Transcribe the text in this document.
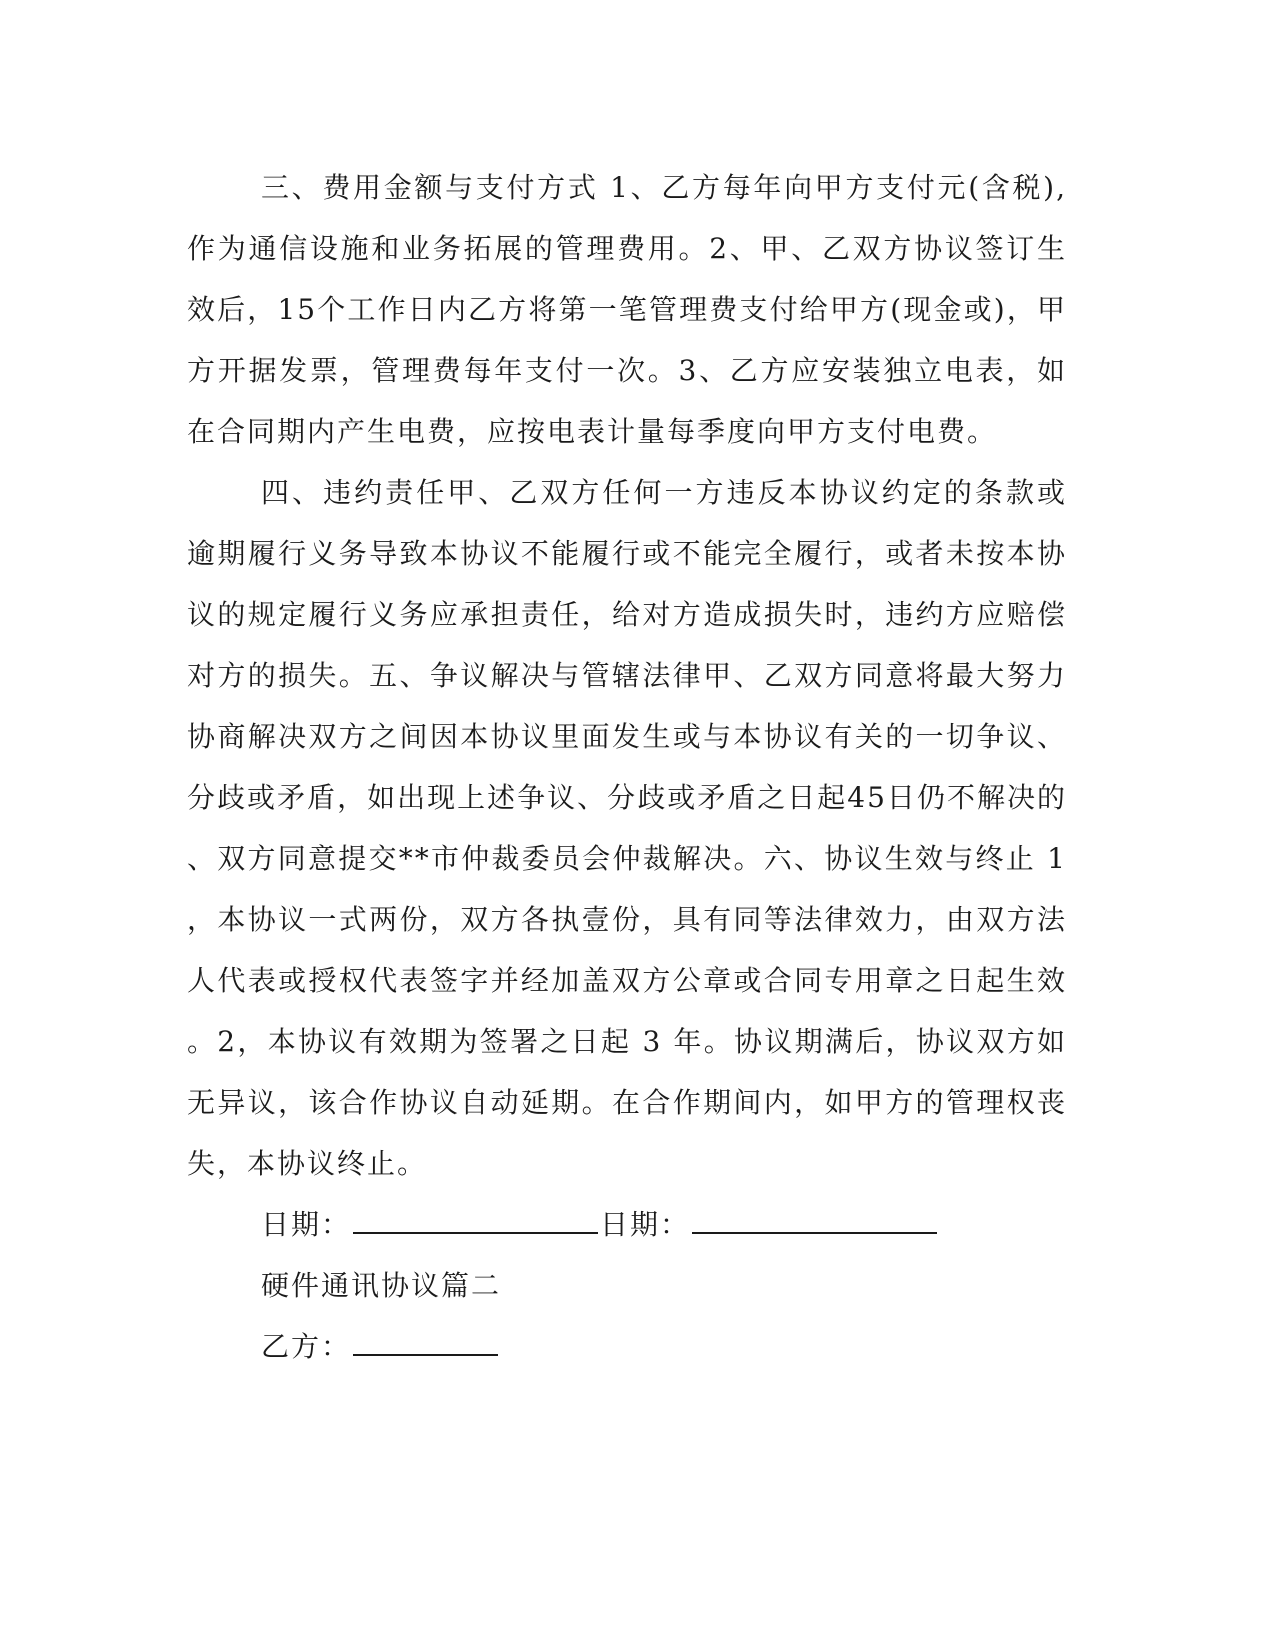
三、费用金额与支付方式 1、乙方每年向甲方支付元(含税),作为通信设施和业务拓展的管理费用。2、甲、乙双方协议签订生效后，15个工作日内乙方将第一笔管理费支付给甲方(现金或)，甲方开据发票，管理费每年支付一次。3、乙方应安装独立电表，如在合同期内产生电费，应按电表计量每季度向甲方支付电费。

四、违约责任甲、乙双方任何一方违反本协议约定的条款或逾期履行义务导致本协议不能履行或不能完全履行，或者未按本协议的规定履行义务应承担责任，给对方造成损失时，违约方应赔偿对方的损失。五、争议解决与管辖法律甲、乙双方同意将最大努力协商解决双方之间因本协议里面发生或与本协议有关的一切争议、分歧或矛盾，如出现上述争议、分歧或矛盾之日起45日仍不解决的、双方同意提交**市仲裁委员会仲裁解决。六、协议生效与终止 1，本协议一式两份，双方各执壹份，具有同等法律效力，由双方法人代表或授权代表签字并经加盖双方公章或合同专用章之日起生效。2，本协议有效期为签署之日起 3 年。协议期满后，协议双方如无异议，该合作协议自动延期。在合作期间内，如甲方的管理权丧失，本协议终止。

日期：	日期：

硬件通讯协议篇二

乙方：
